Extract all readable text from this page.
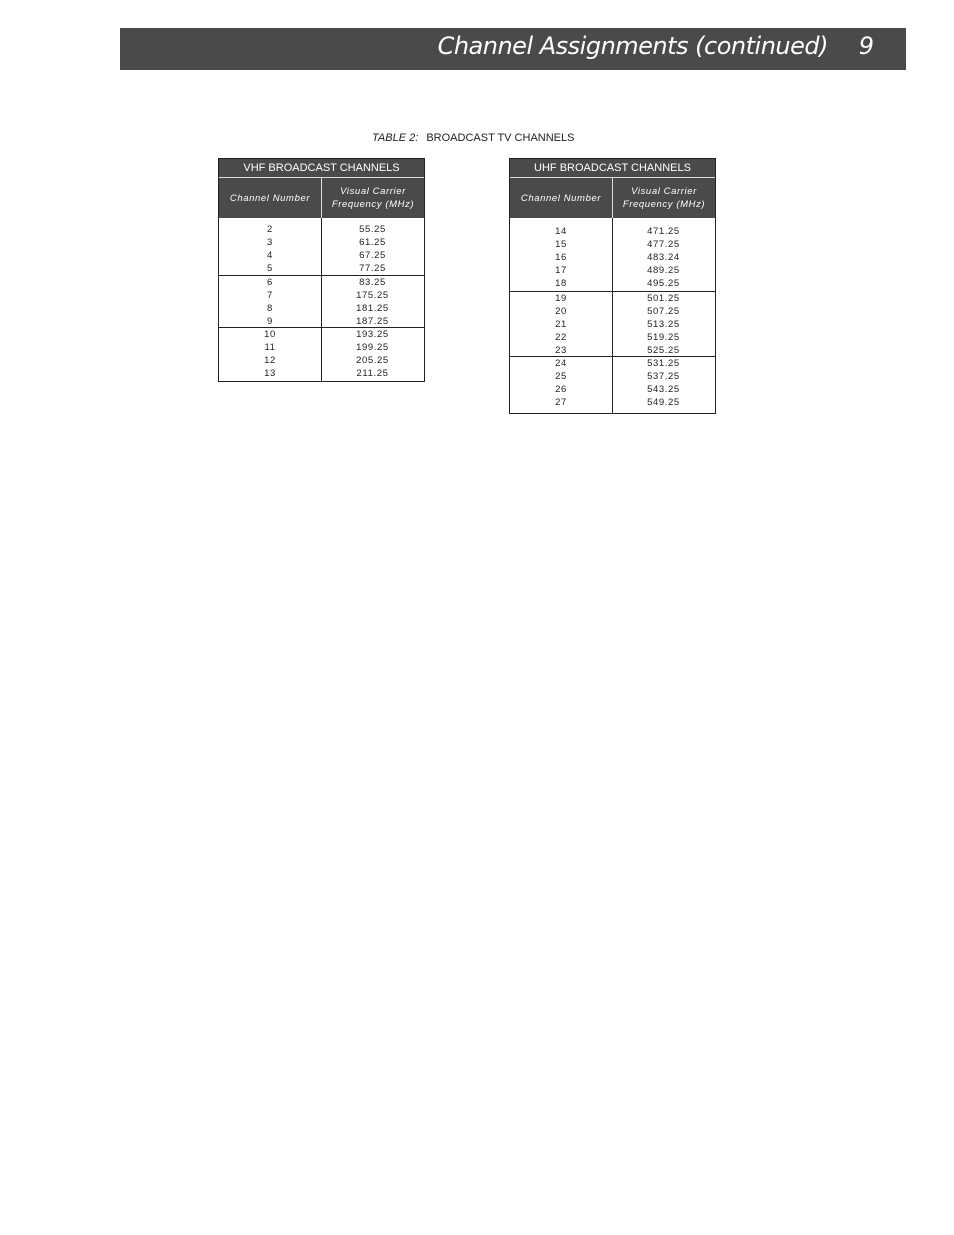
Channel Assignments (continued) 9
TABLE 2: BROADCAST TV CHANNELS
VHF BROADCAST CHANNELS
Channel Number
Visual Carrier
Frequency (MHz)
2	55.25
3	61.25
4	67.25
5	77.25
6	83.25
7	175.25
8	181.25
9	187.25
10	193.25
11	199.25
12	205.25
13	211.25
UHF BROADCAST CHANNELS
Channel Number
Visual Carrier
Frequency (MHz)
14	471.25
15	477.25
16	483.24
17	489.25
18	495.25
19	501.25
20	507.25
21	513.25
22	519.25
23	525.25
24	531.25
25	537.25
26	543.25
27	549.25
